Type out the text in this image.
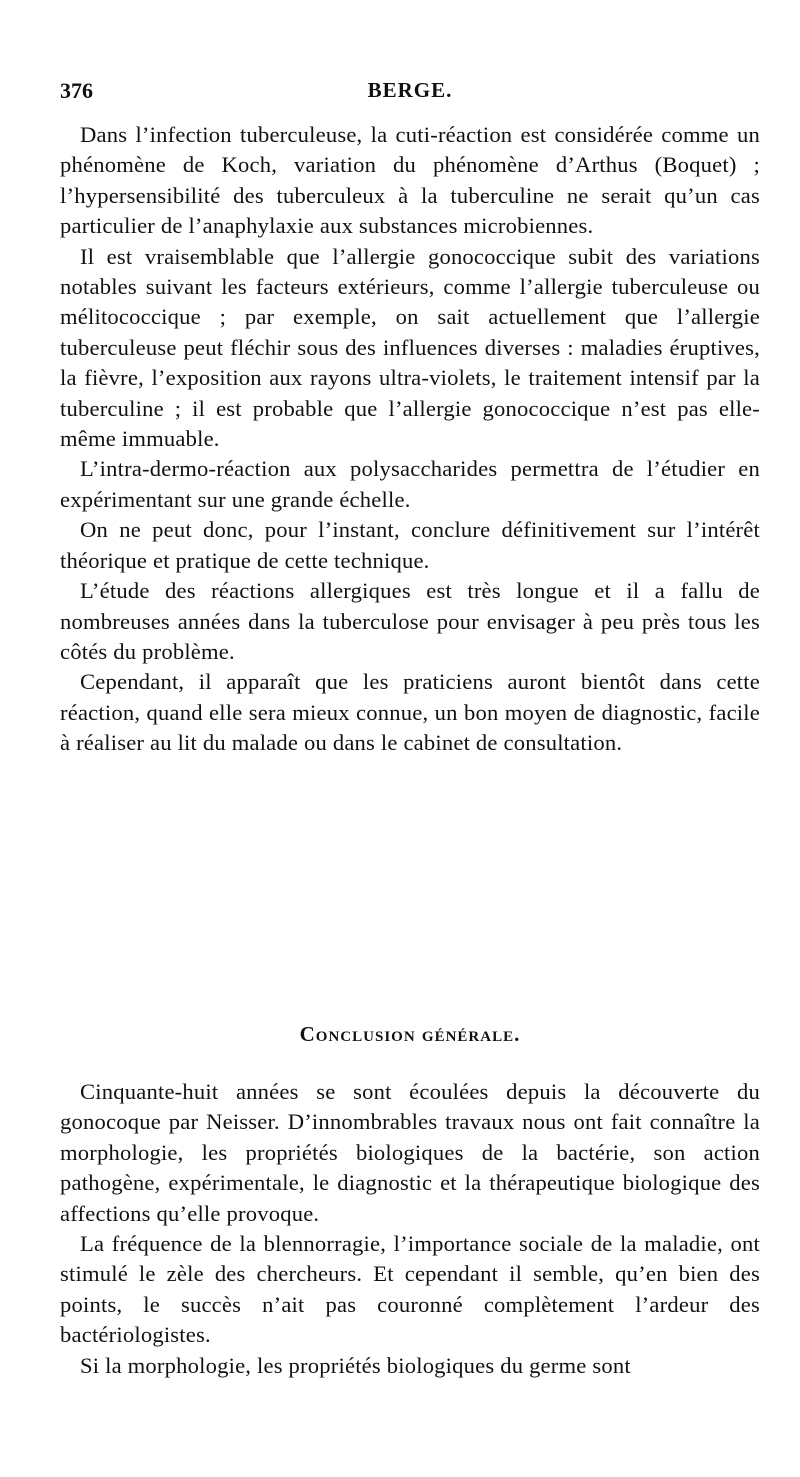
376	BERGE.

Dans l’infection tuberculeuse, la cuti-réaction est considérée comme un phénomène de Koch, variation du phénomène d’Arthus (Boquet) ; l’hypersensibilité des tuberculeux à la tuberculine ne serait qu’un cas particulier de l’anaphylaxie aux substances microbiennes.

Il est vraisemblable que l’allergie gonococcique subit des variations notables suivant les facteurs extérieurs, comme l’allergie tuberculeuse ou mélitococcique ; par exemple, on sait actuellement que l’allergie tuberculeuse peut fléchir sous des influences diverses : maladies éruptives, la fièvre, l’exposition aux rayons ultra-violets, le traitement intensif par la tuberculine ; il est probable que l’allergie gonococcique n’est pas elle-même immuable.

L’intra-dermo-réaction aux polysaccharides permettra de l’étudier en expérimentant sur une grande échelle.

On ne peut donc, pour l’instant, conclure définitivement sur l’intérêt théorique et pratique de cette technique.

L’étude des réactions allergiques est très longue et il a fallu de nombreuses années dans la tuberculose pour envisager à peu près tous les côtés du problème.

Cependant, il apparaît que les praticiens auront bientôt dans cette réaction, quand elle sera mieux connue, un bon moyen de diagnostic, facile à réaliser au lit du malade ou dans le cabinet de consultation.

Conclusion générale.

Cinquante-huit années se sont écoulées depuis la découverte du gonocoque par Neisser. D’innombrables travaux nous ont fait connaître la morphologie, les propriétés biologiques de la bactérie, son action pathogène, expérimentale, le diagnostic et la thérapeutique biologique des affections qu’elle provoque.

La fréquence de la blennorragie, l’importance sociale de la maladie, ont stimulé le zèle des chercheurs. Et cependant il semble, qu’en bien des points, le succès n’ait pas couronné complètement l’ardeur des bactériologistes.

Si la morphologie, les propriétés biologiques du germe sont
